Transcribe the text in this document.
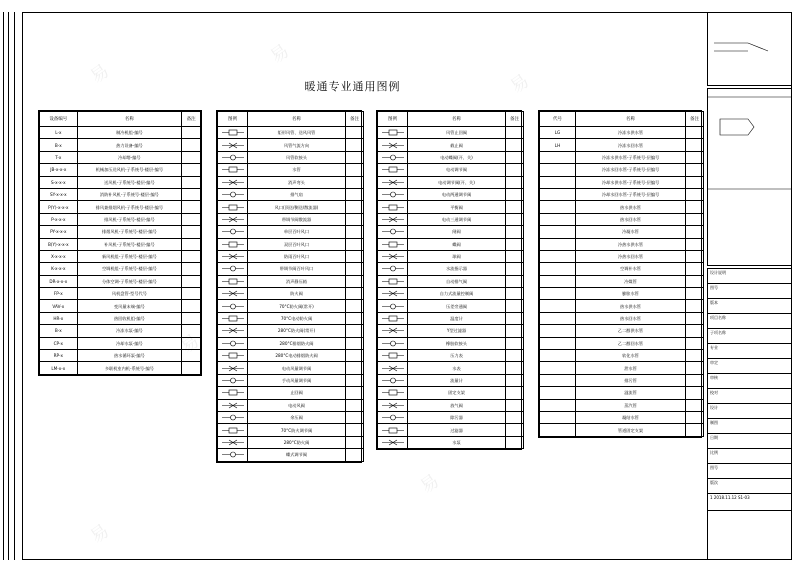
易
易
易
易
易
易
暖通专业通用图例
设备编号	名称	备注
L-x	制冷机组-编号	
B-x	热力设备-编号	
T-x	冷却塔-编号	
JB-x-x-x	机械加压送风机-子系统号-楼层-编号	
S-x-x-x	送风机-子系统号-楼层-编号	
SY-x-x-x	消防补风机-子系统号-楼层-编号	
P(Y)-x-x-x	排风兼排烟风机-子系统号-楼层-编号	
P-x-x-x	排风机-子系统号-楼层-编号	
PY-x-x-x	排烟风机-子系统号-楼层-编号	
B(Y)-x-x-x	补风机-子系统号-楼层-编号	
X-x-x-x	新风机组-子系统号-楼层-编号	
K-x-x-x	空调机组-子系统号-楼层-编号	
DR-x-x-x	分体空调-子系统号-楼层-编号	
FP-x	风机盘管-型号代号	
VAV-x	变风量末端-编号	
HR-x	热回收机组-编号	
B-x	冷冻水泵-编号	
CP-x	冷却水泵-编号	
RP-x	热水循环泵-编号	
LM-x-x	多联机室内机-系统号-编号	
图例	名称	备注
	矩形风管、送风风管	
	风管气流方向	
	风管软接头	
	水管	
	消声弯头	
	排气扇	
	风口(顶送/侧送/散流器)	
	带调节阀散流器	
	单层百叶风口	
	双层百叶风口	
	防雨百叶风口	
	带调节阀百叶风口	
	消声静压箱	
	防火阀	
	70°C防火阀(常开)	
	70°C电动防火阀	
	280°C防火阀(常开)	
	280°C排烟防火阀	
	280°C电动排烟防火阀	
	电动风量调节阀	
	手动风量调节阀	
	止回阀	
	电动风阀	
	余压阀	
	70°C防火调节阀	
	280°C防火阀	
	蝶式调节阀	
图例	名称	备注
	风管止回阀	
	截止阀	
	电动蝶阀(开、关)	
	电动调节阀	
	电动调节阀(开、关)	
	电动两通调节阀	
	平衡阀	
	电动三通调节阀	
	闸阀	
	蝶阀	
	球阀	
	水流指示器	
	自动排气阀	
	自力式流量控制阀	
	压差旁通阀	
	温度计	
	Y型过滤器	
	橡胶软接头	
	压力表	
	水表	
	流量计	
	固定支架	
	放气阀	
	除污器	
	过滤器	
	水泵	
代号	名称	备注
LG	冷冻水供水管	
LH	冷冻水回水管	
	冷冻水供水管-子系统号-层编号	
	冷冻水回水管-子系统号-层编号	
	冷却水供水管-子系统号-层编号	
	冷却水回水管-子系统号-层编号	
	热水供水管	
	热水回水管	
	冷凝水管	
	冷热水供水管	
	冷热水回水管	
	空调补水管	
	冷媒管	
	膨胀水管	
	热水供水管	
	热水回水管	
	乙二醇供水管	
	乙二醇回水管	
	软化水管	
	泄水管	
	排污管	
	溢流管	
	蒸汽管	
	凝结水管	
	管道固定支架	
设计说明
图号
版本
项目名称
子项名称
专业
审定
审核
校对
设计
制图
日期
比例
图号
版次
1 2018.11.12 S1-03
